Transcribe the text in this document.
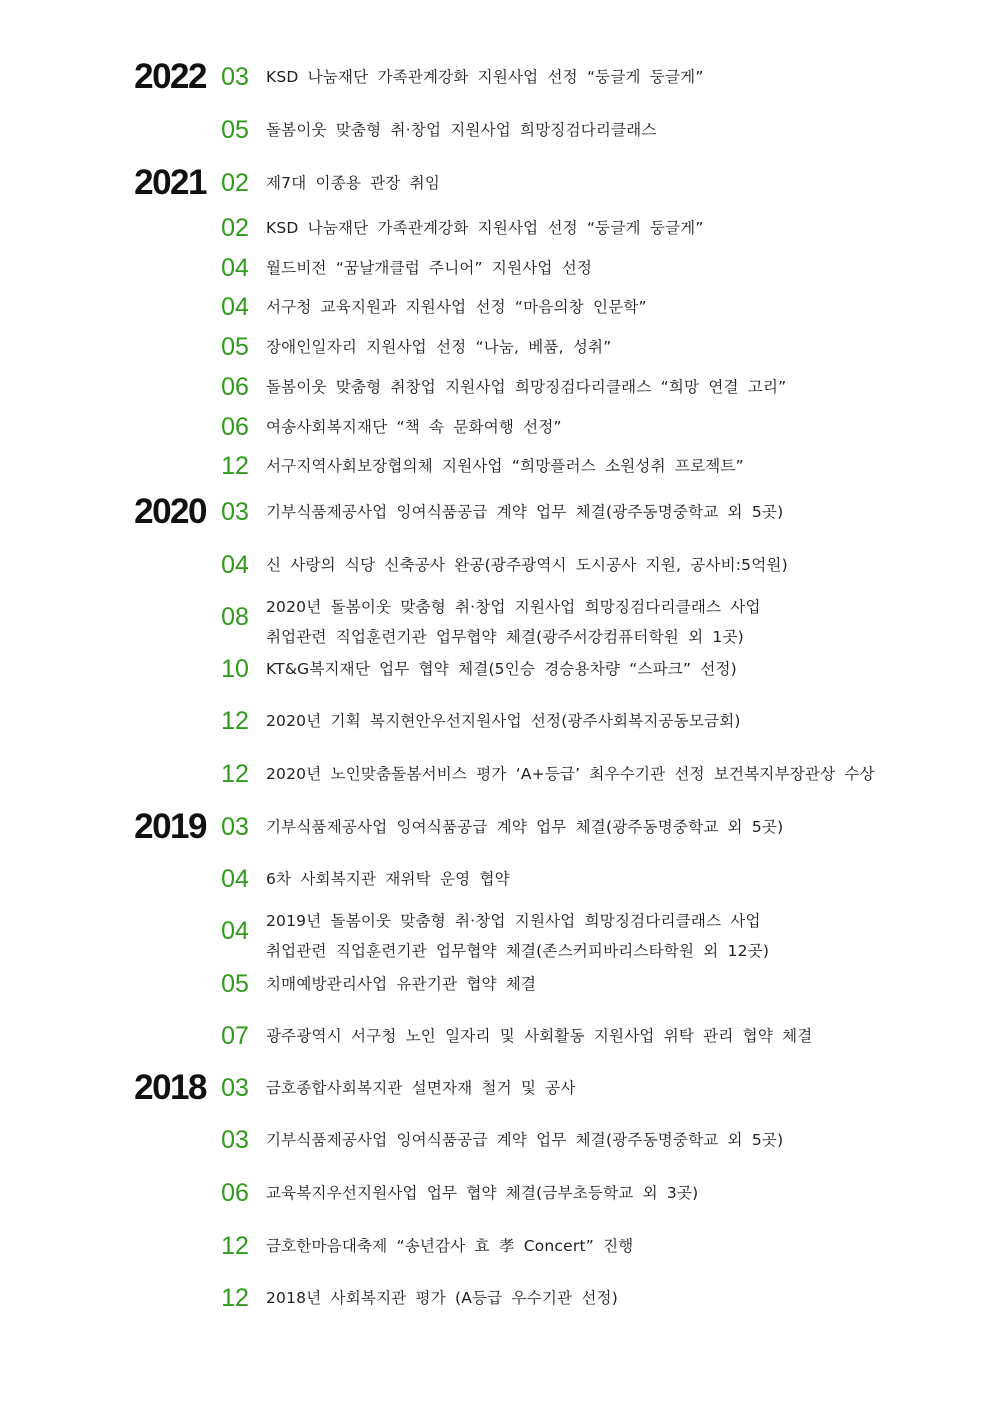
2022 03	KSD 나눔재단 가족관계강화 지원사업 선정 “둥글게 둥글게”
05	돌봄이웃 맞춤형 취·창업 지원사업 희망징검다리클래스
2021 02	제7대 이종용 관장 취임
02	KSD 나눔재단 가족관계강화 지원사업 선정 “둥글게 둥글게”
04	월드비전 “꿈날개클럽 주니어” 지원사업 선정
04	서구청 교육지원과 지원사업 선정 “마음의창 인문학”
05	장애인일자리 지원사업 선정 “나눔, 베품, 성취”
06	돌봄이웃 맞춤형 취창업 지원사업 희망징검다리클래스 “희망 연결 고리”
06	여송사회복지재단 “책 속 문화여행 선정”
12	서구지역사회보장협의체 지원사업 “희망플러스 소원성취 프로젝트”
2020 03	기부식품제공사업 잉여식품공급 계약 업무 체결(광주동명중학교 외 5곳)
04	신 사랑의 식당 신축공사 완공(광주광역시 도시공사 지원, 공사비:5억원)
08	2020년 돌봄이웃 맞춤형 취·창업 지원사업 희망징검다리클래스 사업
취업관련 직업훈련기관 업무협약 체결(광주서강컴퓨터학원 외 1곳)
10	KT&G복지재단 업무 협약 체결(5인승 경승용차량 “스파크” 선정)
12	2020년 기획 복지현안우선지원사업 선정(광주사회복지공동모금회)
12	2020년 노인맞춤돌봄서비스 평가 ‘A+등급’ 최우수기관 선정 보건복지부장관상 수상
2019 03	기부식품제공사업 잉여식품공급 계약 업무 체결(광주동명중학교 외 5곳)
04	6차 사회복지관 재위탁 운영 협약
04	2019년 돌봄이웃 맞춤형 취·창업 지원사업 희망징검다리클래스 사업
취업관련 직업훈련기관 업무협약 체결(존스커피바리스타학원 외 12곳)
05	치매예방관리사업 유관기관 협약 체결
07	광주광역시 서구청 노인 일자리 및 사회활동 지원사업 위탁 관리 협약 체결
2018 03	금호종합사회복지관 설면자재 철거 및 공사
03	기부식품제공사업 잉여식품공급 계약 업무 체결(광주동명중학교 외 5곳)
06	교육복지우선지원사업 업무 협약 체결(금부초등학교 외 3곳)
12	금호한마음대축제 “송년감사 효 孝 Concert” 진행
12	2018년 사회복지관 평가 (A등급 우수기관 선정)
